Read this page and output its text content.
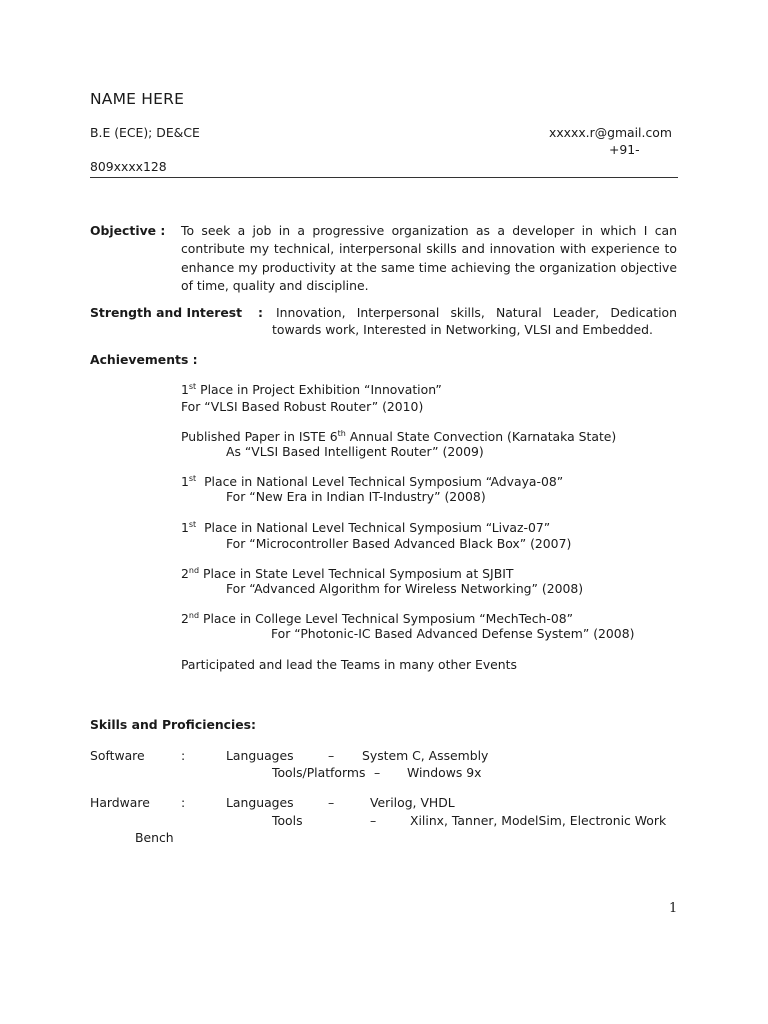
NAME HERE
B.E (ECE); DE&CE	xxxxx.r@gmail.com
+91-
809xxxx128
Objective : To seek a job in a progressive organization as a developer in which I can contribute my technical, interpersonal skills and innovation with experience to enhance my productivity at the same time achieving the organization objective of time, quality and discipline.
Strength and Interest : Innovation, Interpersonal skills, Natural Leader, Dedication
towards work, Interested in Networking, VLSI and Embedded.
Achievements :
1st Place in Project Exhibition “Innovation”
For “VLSI Based Robust Router” (2010)
Published Paper in ISTE 6th Annual State Convection (Karnataka State)
As “VLSI Based Intelligent Router” (2009)
1st  Place in National Level Technical Symposium “Advaya-08”
For “New Era in Indian IT-Industry” (2008)
1st  Place in National Level Technical Symposium “Livaz-07”
For “Microcontroller Based Advanced Black Box” (2007)
2nd Place in State Level Technical Symposium at SJBIT
For “Advanced Algorithm for Wireless Networking” (2008)
2nd Place in College Level Technical Symposium “MechTech-08”
For “Photonic-IC Based Advanced Defense System” (2008)
Participated and lead the Teams in many other Events
Skills and Proficiencies:
Software	:	Languages	– System C, Assembly
Tools/Platforms – Windows 9x
Hardware	:	Languages	–	Verilog, VHDL
Tools	–	Xilinx, Tanner, ModelSim, Electronic Work
Bench
1
